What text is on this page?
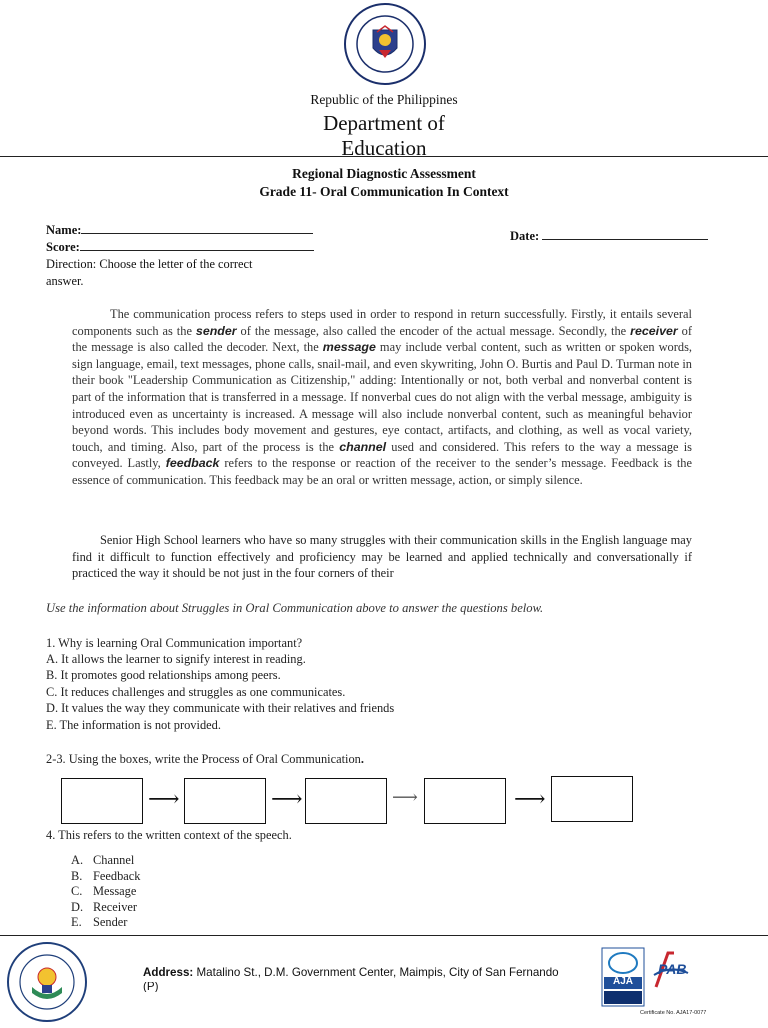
Republic of the Philippines
Department of
Education
Regional Diagnostic Assessment
Grade 11- Oral Communication In Context
Name:
Score:
Date:
Direction: Choose the letter of the correct
answer.
The communication process refers to steps used in order to respond in return successfully. Firstly, it entails several components such as the sender of the message, also called the encoder of the actual message. Secondly, the receiver of the message is also called the decoder. Next, the message may include verbal content, such as written or spoken words, sign language, email, text messages, phone calls, snail-mail, and even skywriting, John O. Burtis and Paul D. Turman note in their book "Leadership Communication as Citizenship," adding: Intentionally or not, both verbal and nonverbal content is part of the information that is transferred in a message. If nonverbal cues do not align with the verbal message, ambiguity is introduced even as uncertainty is increased. A message will also include nonverbal content, such as meaningful behavior beyond words. This includes body movement and gestures, eye contact, artifacts, and clothing, as well as vocal variety, touch, and timing. Also, part of the process is the channel used and considered. This refers to the way a message is conveyed. Lastly, feedback refers to the response or reaction of the receiver to the sender’s message. Feedback is the essence of communication. This feedback may be an oral or written message, action, or simply silence.
Senior High School learners who have so many struggles with their communication skills in the English language may find it difficult to function effectively and proficiency may be learned and applied technically and conversationally if practiced the way it should be not just in the four corners of their
Use the information about Struggles in Oral Communication above to answer the questions below.
1. Why is learning Oral Communication important?
A. It allows the learner to signify interest in reading.
B. It promotes good relationships among peers.
C. It reduces challenges and struggles as one communicates.
D. It values the way they communicate with their relatives and friends
E. The information is not provided.
2-3. Using the boxes, write the Process of Oral Communication.
⟶	⟶	⟶	⟶
4. This refers to the written context of the speech.
A. Channel
B. Feedback
C. Message
D. Receiver
E. Sender
Address: Matalino St., D.M. Government Center, Maimpis, City of San Fernando
(P)	AJA
PAB
Certificate No. AJA17-0077
